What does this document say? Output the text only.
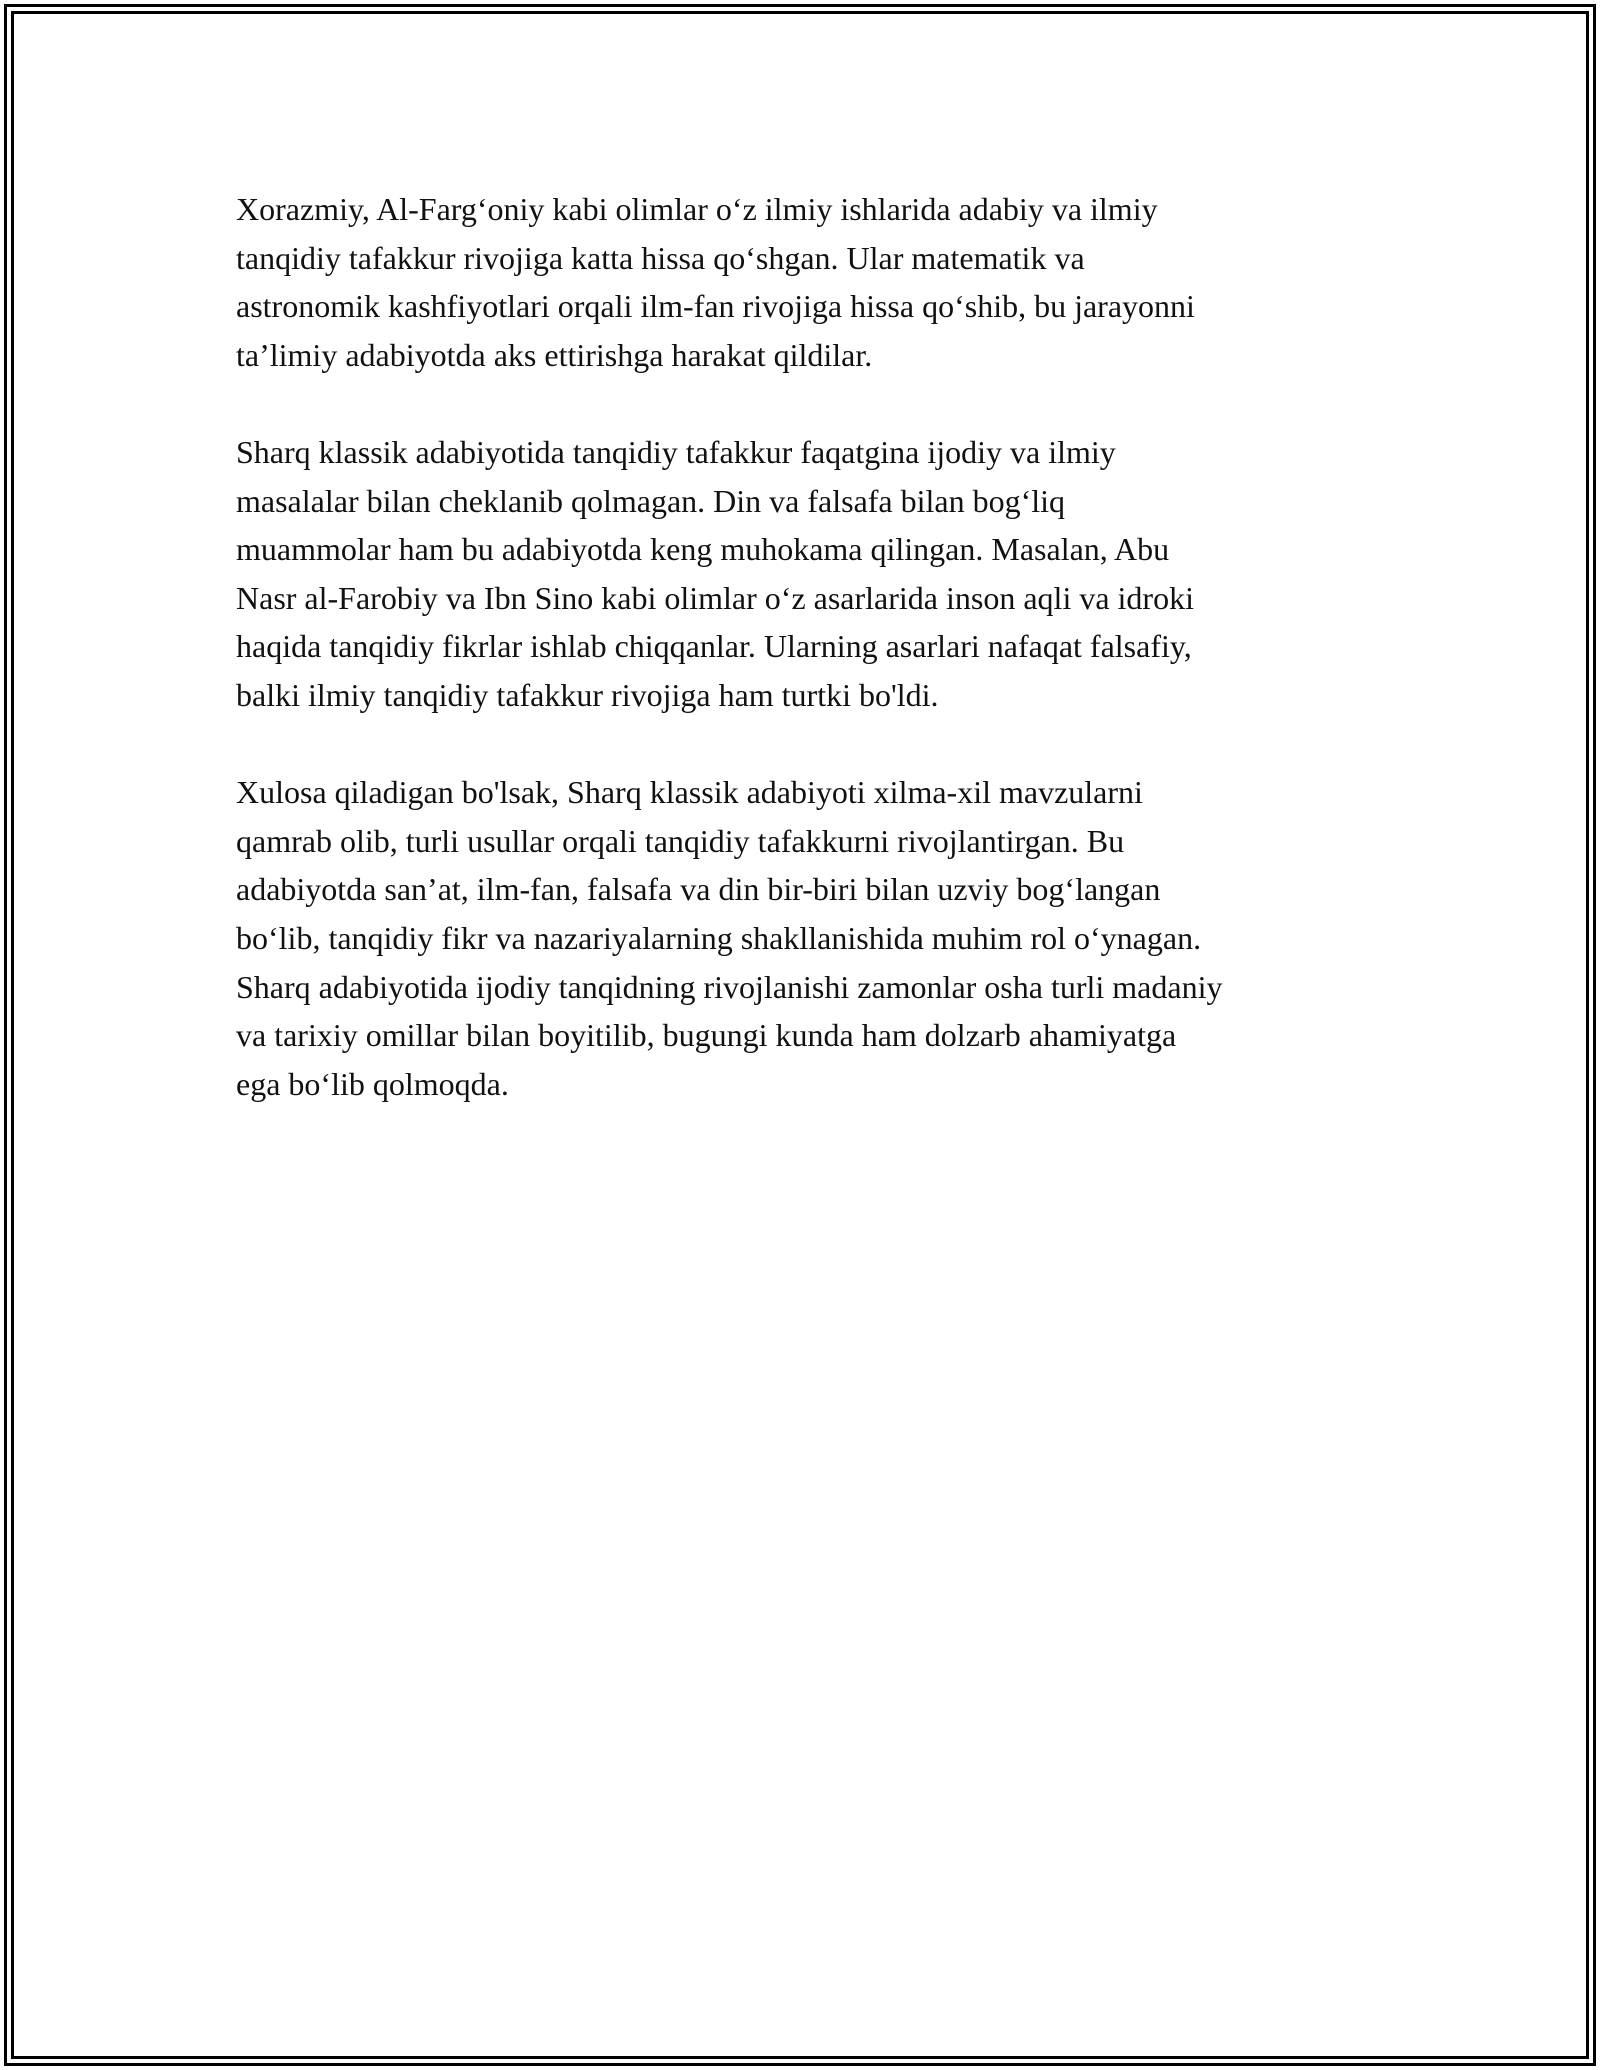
Xorazmiy, Al-Farg‘oniy kabi olimlar o‘z ilmiy ishlarida adabiy va ilmiy
tanqidiy tafakkur rivojiga katta hissa qo‘shgan. Ular matematik va
astronomik kashfiyotlari orqali ilm-fan rivojiga hissa qo‘shib, bu jarayonni
ta’limiy adabiyotda aks ettirishga harakat qildilar.

Sharq klassik adabiyotida tanqidiy tafakkur faqatgina ijodiy va ilmiy
masalalar bilan cheklanib qolmagan. Din va falsafa bilan bog‘liq
muammolar ham bu adabiyotda keng muhokama qilingan. Masalan, Abu
Nasr al-Farobiy va Ibn Sino kabi olimlar o‘z asarlarida inson aqli va idroki
haqida tanqidiy fikrlar ishlab chiqqanlar. Ularning asarlari nafaqat falsafiy,
balki ilmiy tanqidiy tafakkur rivojiga ham turtki bo'ldi.

Xulosa qiladigan bo'lsak, Sharq klassik adabiyoti xilma-xil mavzularni
qamrab olib, turli usullar orqali tanqidiy tafakkurni rivojlantirgan. Bu
adabiyotda san’at, ilm-fan, falsafa va din bir-biri bilan uzviy bog‘langan
bo‘lib, tanqidiy fikr va nazariyalarning shakllanishida muhim rol o‘ynagan.
Sharq adabiyotida ijodiy tanqidning rivojlanishi zamonlar osha turli madaniy
va tarixiy omillar bilan boyitilib, bugungi kunda ham dolzarb ahamiyatga
ega bo‘lib qolmoqda.
